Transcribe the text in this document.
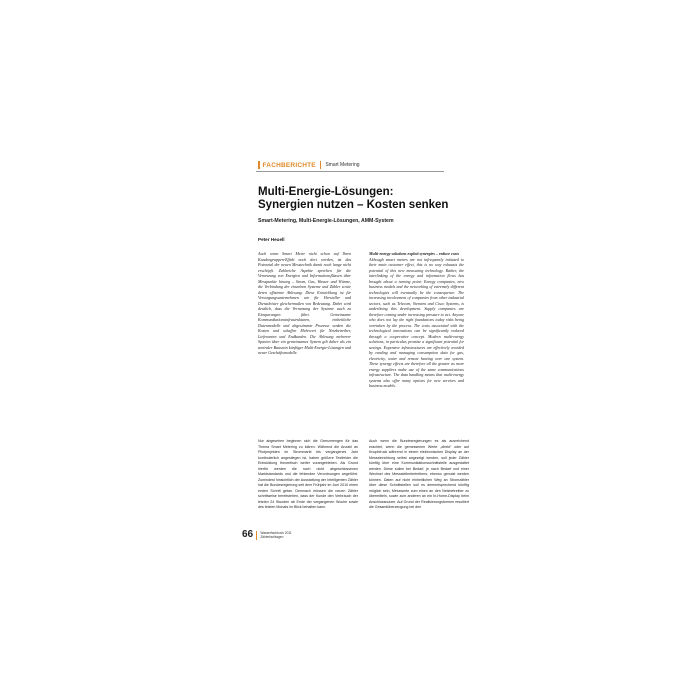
FACHBERICHTE Smart Metering
Multi-Energie-Lösungen:
Synergien nutzen – Kosten senken
Smart-Metering, Multi-Energie-Lösungen, AMM-System
Peter Heuell
Auch wenn Smart Meter nicht schon auf Ihren Kundengruppen-Effekt noch dort werden, ist das Potenzial der neuen Messtechnik damit noch lange nicht erschöpft. Zahlreiche Aspekte sprechen für die Vernetzung von Energien und Informationsflüssen über Messpunkte hinweg – Strom, Gas, Wasser und Wärme, die Verbindung der einzelnen Systeme und Zähler sowie deren effiziente Ablesung. Diese Entwicklung ist für Versorgungsunternehmen wie für Hersteller und Dienstleister gleichermaßen von Bedeutung. Dabei wird deutlich, dass die Vernetzung der Systeme auch zu Einsparungen führt. Gemeinsame Kommunikationsinfrastrukturen, einheitliche Datenmodelle und abgestimmte Prozesse senken die Kosten und schaffen Mehrwert für Netzbetreiber, Lieferanten und Endkunden. Die Ablesung mehrerer Sparten über ein gemeinsames System gilt daher als ein zentraler Baustein künftiger Multi-Energie-Lösungen und neuer Geschäftsmodelle.
Multi-energy solutions exploit synergies – reduce costs
Although smart meters are not infrequently initiated to their main customer effect, this is no way exhausts the potential of this new measuring technology. Rather, the interlinking of the energy and information flows has brought about a turning point: Energy companies, new business models and the networking of extremely different technologies will eventually be the consequence. The increasing involvement of companies from other industrial sectors, such as Telecom, Siemens and Cisco Systems, is underlining this development. Supply companies are therefore coming under increasing pressure to act. Anyone who does not lay the right foundations today risks being overtaken by the process. The costs associated with the technological innovations can be significantly reduced through a cooperative concept. Modern multi-energy solutions, in particular, promise a significant potential for savings. Expensive infrastructures are effectively avoided by reading and managing consumption data for gas, electricity, water and remote heating over one system. These synergy effects are therefore all the greater as more energy suppliers make use of the same communications infrastructure. The data handling means that multi-energy systems also offer many options for new services and business models.
Nur abgesehen beginnen sich die Grenzmengen für das Thema Smart Metering zu klären. Während die Anzahl an Pilotprojekten im Strommarkt bis vergangenes Jahr kontinuierlich angestiegen ist, haben größere Testfelder die Entwicklung theoretisch weiter vorangetrieben. Als Grund hierfür werden die noch nicht abgeschlossenen Marktstandards und die fehlenden Verordnungen angeführt. Zumindest hinsichtlich der Ausstattung der Intelligenten Zähler hat die Bundesregierung seit dem Frühjahr im Juni 2010 einen ersten Schritt getan. Demnach müssen die neuen Zähler schrittweise bereitstehen, dass der Kunde den Verbrauch der letzten 24 Stunden ab Ende der vergangenen Woche sowie des letzten Monats im Blick behalten kann.
Auch wenn die Bundesregierungen es als ausreichend erachtet, wenn die gemessenen Werte „direkt“ oder auf Knopfdruck während in einem elektronischen Display an der Messeinrichtung selbst angezeigt werden, soll jeder Zähler künftig über eine Kommunikationsschnittstelle ausgestattet werden. Diese sollen bei Bedarf, je nach Bedarf und einer Wechsel des Messstellenbetreibers, ebenso genutzt werden können. Daten auf nicht einheitlichen Weg an Stromzähler über diese Schnittstellen soll es dementsprechend künftig möglich sein, Messwerte zum einen an den Netzbetreiber zu übermitteln, sowie zum anderen an ein In-Home-Display beim Anschlussnutzer. Auf Grund der Realisierungsformen resultiert die Gesamtüberzeugung bei den
66 Wasserfachbuch 2011
Zählerfachtagen
